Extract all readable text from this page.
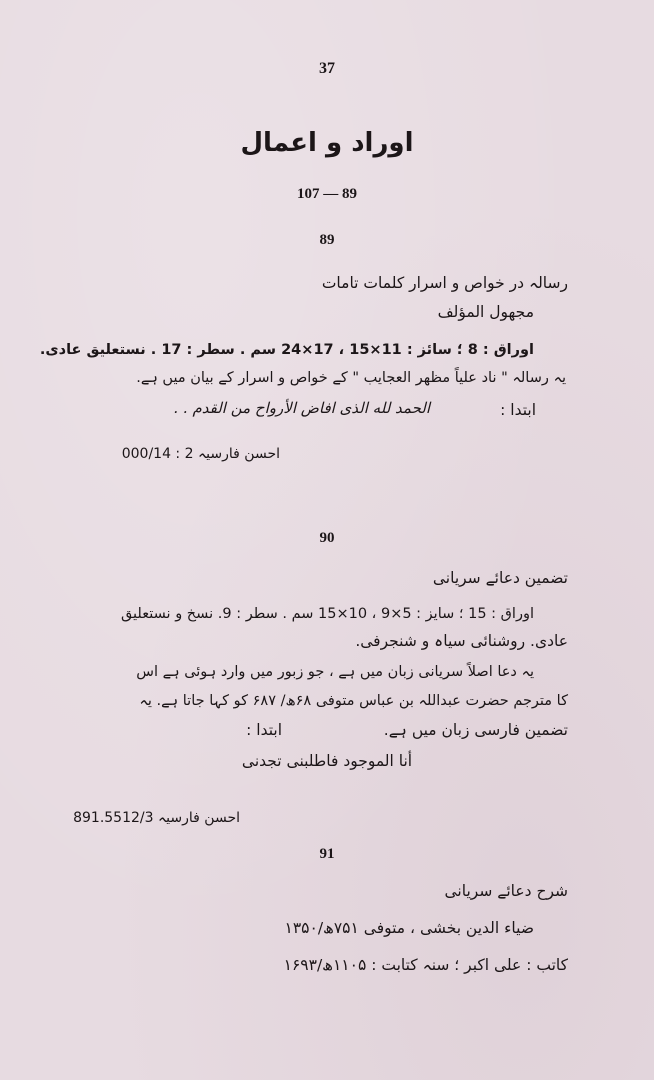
37
اوراد و اعمال
107 — 89
89
رسالہ در خواص و اسرار کلمات تامات
مجھول المؤلف
اوراق : 8 ؛ سائز : 11×15 ، 17×24 سم . سطر : 17 . نستعلیق عادی.
یہ رسالہ " ناد علیاً مظھر العجایب " کے خواص و اسرار کے بیان میں ہے.
ابتدا :
الحمد لله الذی افاض الأرواح من القدم . .
احسن فارسیہ 2 : 000/14
90
تضمین دعائے سریانی
اوراق : 15 ؛ سایز : 5×9 ، 10×15 سم . سطر : 9. نسخ و نستعلیق
عادی. روشنائی سیاہ و شنجرفی.
یہ دعا اصلاً سریانی زبان میں ہے ، جو زبور میں وارد ہوئی ہے اس
کا مترجم حضرت عبداللہ بن عباس متوفی ۶۸ھ/ ۶۸۷ کو کہا جاتا ہے. یہ
تضمین فارسی زبان میں ہے.
ابتدا :
أنا الموجود فاطلبنی تجدنی
احسن فارسیہ 891.5512/3
91
شرح دعائے سریانی
ضیاء الدین بخشی ، متوفی ۷۵۱ھ/۱۳۵۰
کاتب : علی اکبر ؛ سنہ کتابت : ۱۱۰۵ھ/۱۶۹۳
